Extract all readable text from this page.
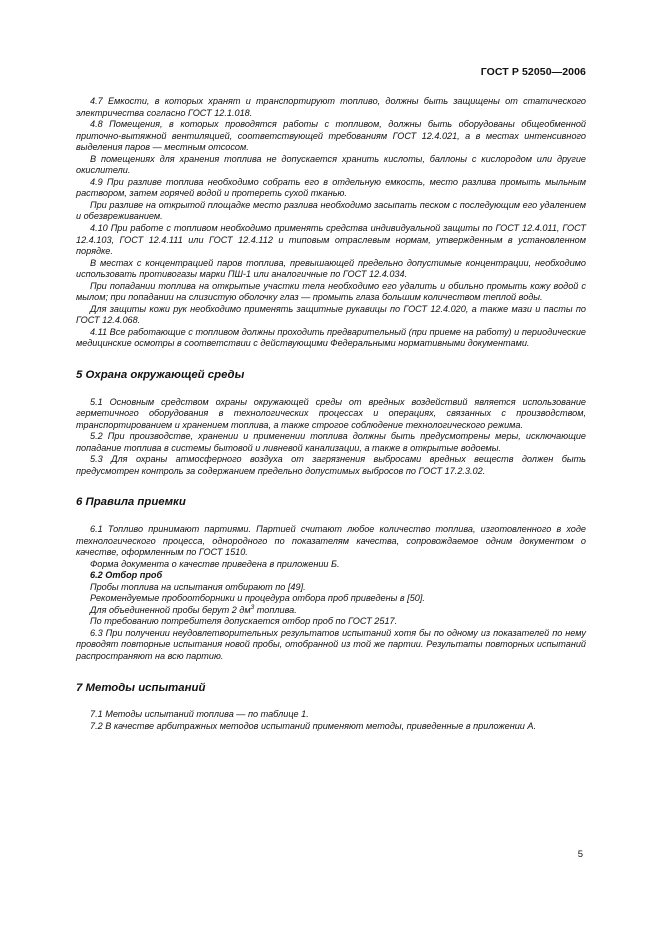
ГОСТ Р 52050—2006

4.7 Емкости, в которых хранят и транспортируют топливо, должны быть защищены от статического электричества согласно ГОСТ 12.1.018.

4.8 Помещения, в которых проводятся работы с топливом, должны быть оборудованы общеобменной приточно-вытяжной вентиляцией, соответствующей требованиям ГОСТ 12.4.021, а в местах интенсивного выделения паров — местным отсосом.

В помещениях для хранения топлива не допускается хранить кислоты, баллоны с кислородом или другие окислители.

4.9 При разливе топлива необходимо собрать его в отдельную емкость, место разлива промыть мыльным раствором, затем горячей водой и протереть сухой тканью.

При разливе на открытой площадке место разлива необходимо засыпать песком с последующим его удалением и обезвреживанием.

4.10 При работе с топливом необходимо применять средства индивидуальной защиты по ГОСТ 12.4.011, ГОСТ 12.4.103, ГОСТ 12.4.111 или ГОСТ 12.4.112 и типовым отраслевым нормам, утвержденным в установленном порядке.

В местах с концентрацией паров топлива, превышающей предельно допустимые концентрации, необходимо использовать противогазы марки ПШ-1 или аналогичные по ГОСТ 12.4.034.

При попадании топлива на открытые участки тела необходимо его удалить и обильно промыть кожу водой с мылом; при попадании на слизистую оболочку глаз — промыть глаза большим количеством теплой воды.

Для защиты кожи рук необходимо применять защитные рукавицы по ГОСТ 12.4.020, а также мази и пасты по ГОСТ 12.4.068.

4.11 Все работающие с топливом должны проходить предварительный (при приеме на работу) и периодические медицинские осмотры в соответствии с действующими Федеральными нормативными документами.

5 Охрана окружающей среды

5.1 Основным средством охраны окружающей среды от вредных воздействий является использование герметичного оборудования в технологических процессах и операциях, связанных с производством, транспортированием и хранением топлива, а также строгое соблюдение технологического режима.

5.2 При производстве, хранении и применении топлива должны быть предусмотрены меры, исключающие попадание топлива в системы бытовой и ливневой канализации, а также в открытые водоемы.

5.3 Для охраны атмосферного воздуха от загрязнения выбросами вредных веществ должен быть предусмотрен контроль за содержанием предельно допустимых выбросов по ГОСТ 17.2.3.02.

6 Правила приемки

6.1 Топливо принимают партиями. Партией считают любое количество топлива, изготовленного в ходе технологического процесса, однородного по показателям качества, сопровождаемое одним документом о качестве, оформленным по ГОСТ 1510.

Форма документа о качестве приведена в приложении Б.

6.2 Отбор проб

Пробы топлива на испытания отбирают по [49].

Рекомендуемые пробоотборники и процедура отбора проб приведены в [50].

Для объединенной пробы берут 2 $дм^3$ топлива.

По требованию потребителя допускается отбор проб по ГОСТ 2517.

6.3 При получении неудовлетворительных результатов испытаний хотя бы по одному из показателей по нему проводят повторные испытания новой пробы, отобранной из той же партии. Результаты повторных испытаний распространяют на всю партию.

7 Методы испытаний

7.1 Методы испытаний топлива — по таблице 1.

7.2 В качестве арбитражных методов испытаний применяют методы, приведенные в приложении А.

5
